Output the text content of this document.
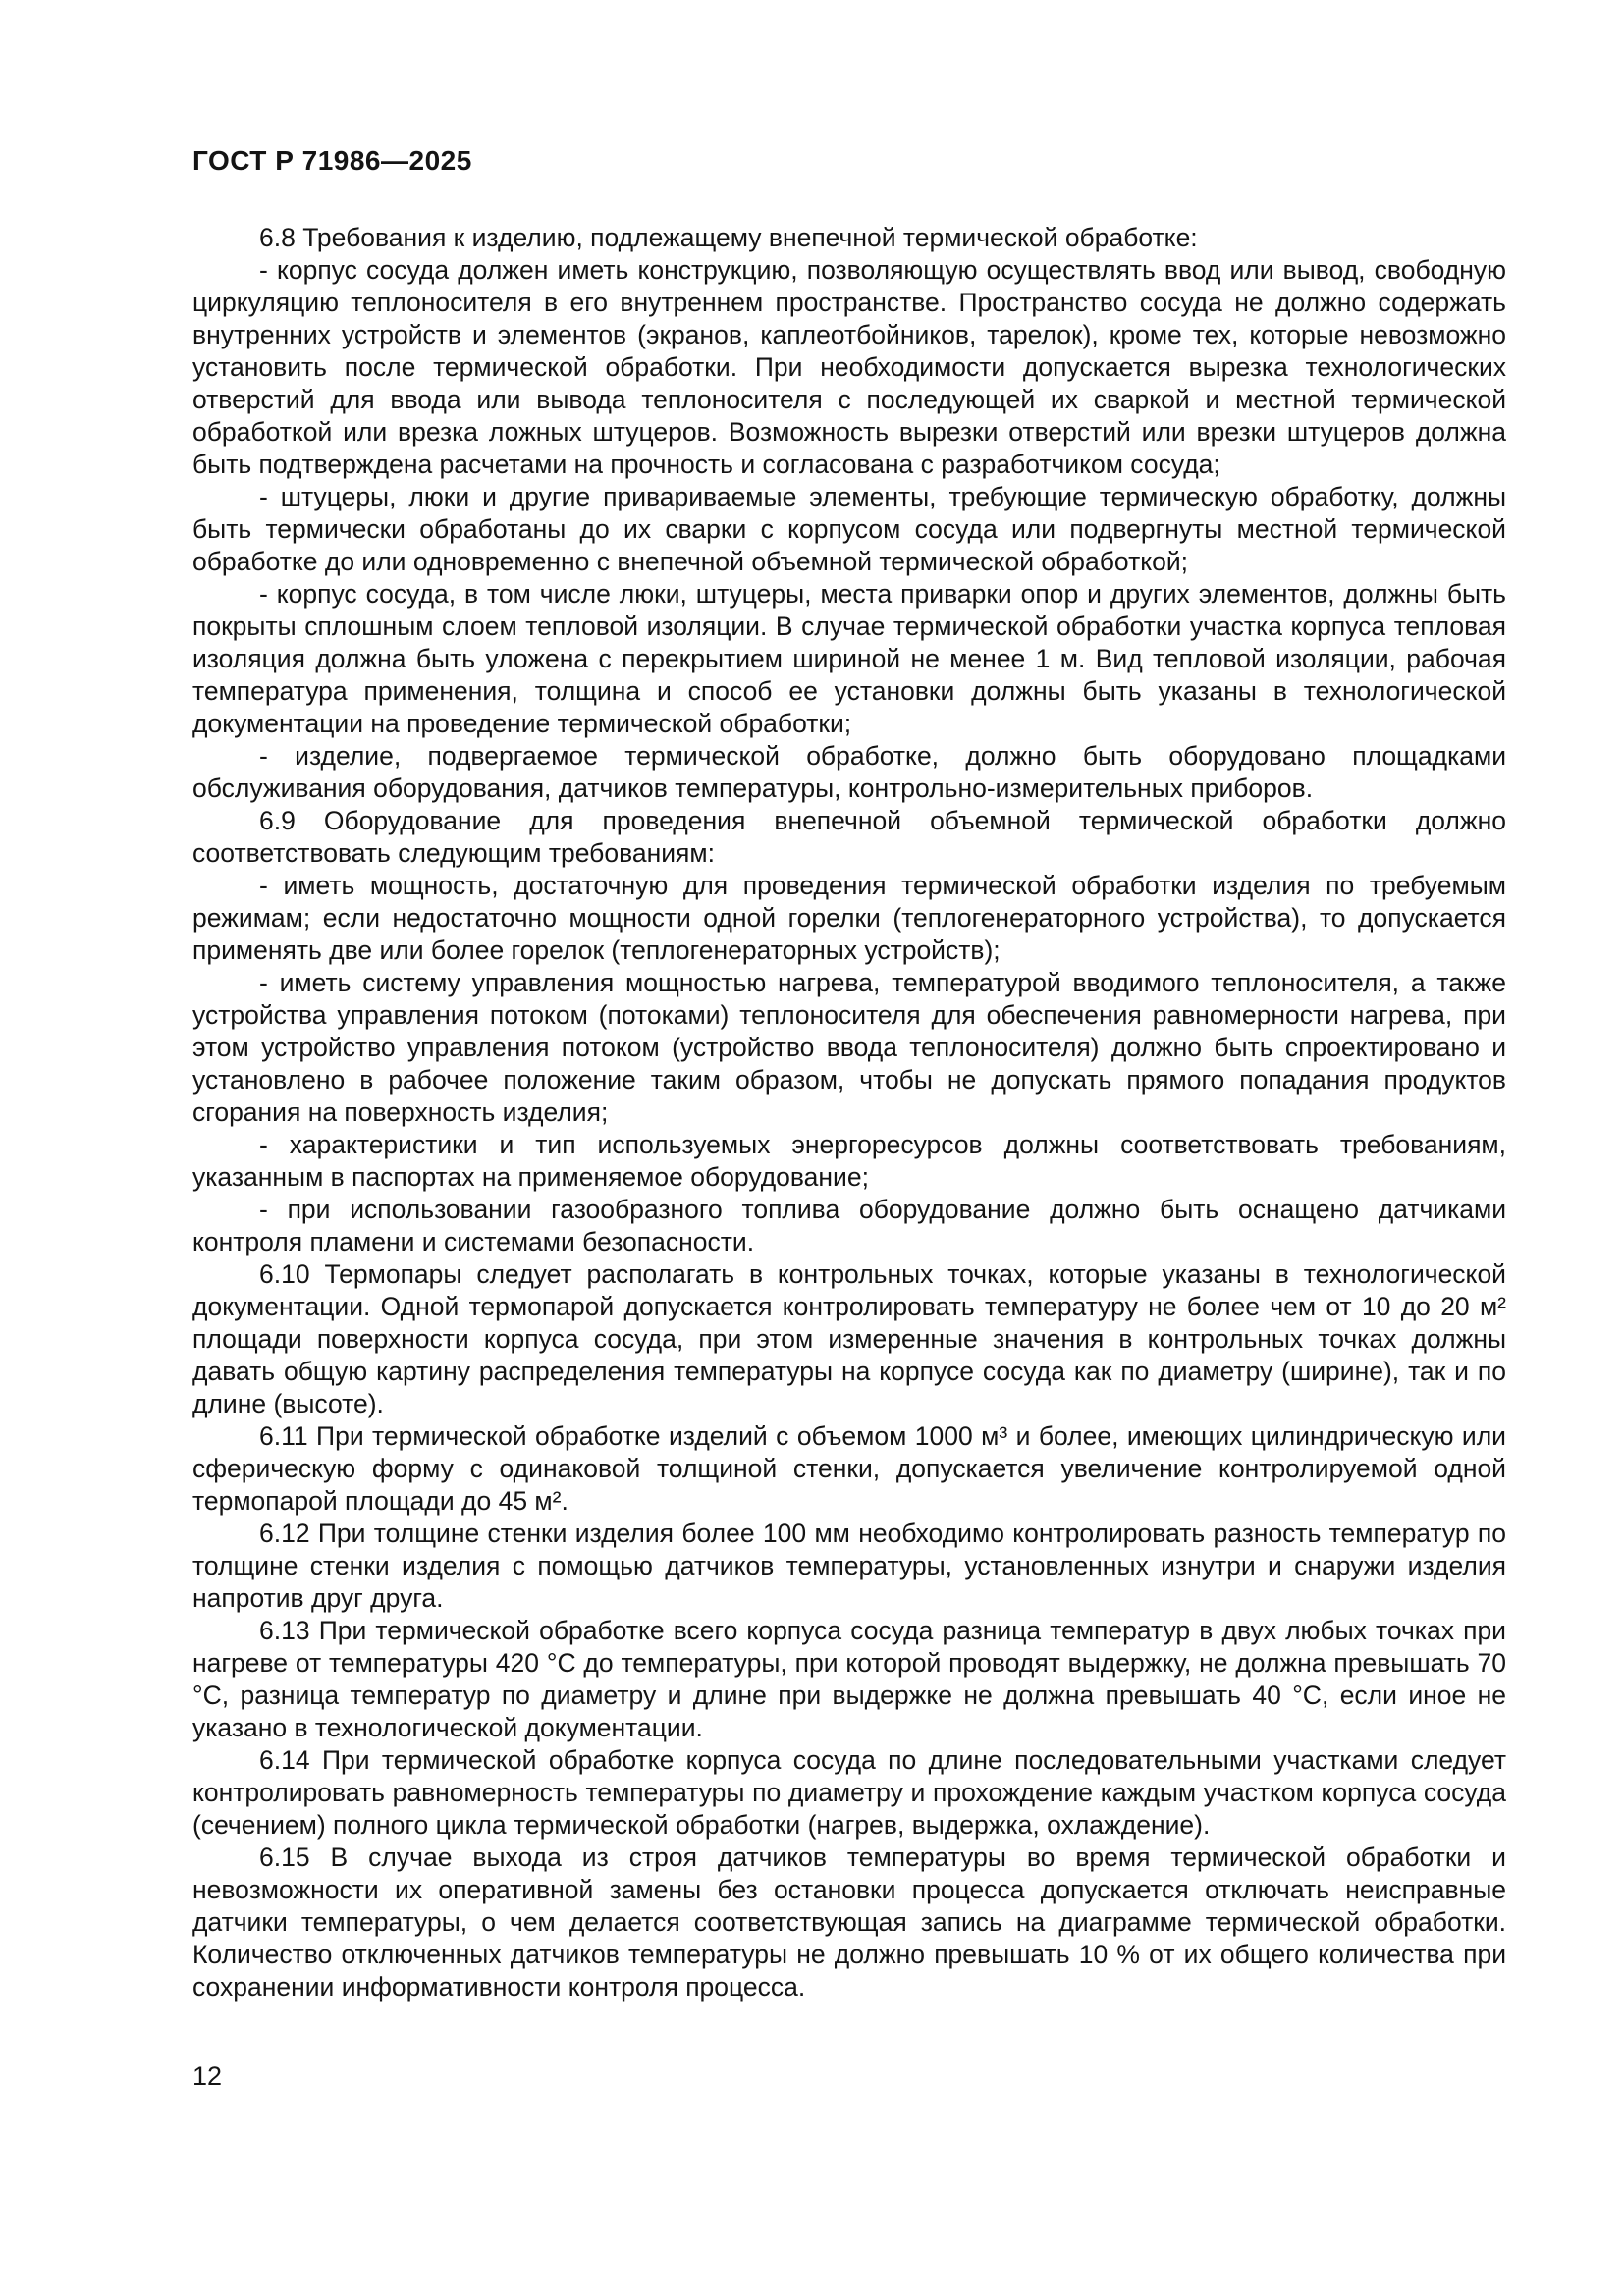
ГОСТ Р 71986—2025

6.8 Требования к изделию, подлежащему внепечной термической обработке:

- корпус сосуда должен иметь конструкцию, позволяющую осуществлять ввод или вывод, свободную циркуляцию теплоносителя в его внутреннем пространстве. Пространство сосуда не должно содержать внутренних устройств и элементов (экранов, каплеотбойников, тарелок), кроме тех, которые невозможно установить после термической обработки. При необходимости допускается вырезка технологических отверстий для ввода или вывода теплоносителя с последующей их сваркой и местной термической обработкой или врезка ложных штуцеров. Возможность вырезки отверстий или врезки штуцеров должна быть подтверждена расчетами на прочность и согласована с разработчиком сосуда;

- штуцеры, люки и другие привариваемые элементы, требующие термическую обработку, должны быть термически обработаны до их сварки с корпусом сосуда или подвергнуты местной термической обработке до или одновременно с внепечной объемной термической обработкой;

- корпус сосуда, в том числе люки, штуцеры, места приварки опор и других элементов, должны быть покрыты сплошным слоем тепловой изоляции. В случае термической обработки участка корпуса тепловая изоляция должна быть уложена с перекрытием шириной не менее 1 м. Вид тепловой изоляции, рабочая температура применения, толщина и способ ее установки должны быть указаны в технологической документации на проведение термической обработки;

- изделие, подвергаемое термической обработке, должно быть оборудовано площадками обслуживания оборудования, датчиков температуры, контрольно-измерительных приборов.

6.9 Оборудование для проведения внепечной объемной термической обработки должно соответствовать следующим требованиям:

- иметь мощность, достаточную для проведения термической обработки изделия по требуемым режимам; если недостаточно мощности одной горелки (теплогенераторного устройства), то допускается применять две или более горелок (теплогенераторных устройств);

- иметь систему управления мощностью нагрева, температурой вводимого теплоносителя, а также устройства управления потоком (потоками) теплоносителя для обеспечения равномерности нагрева, при этом устройство управления потоком (устройство ввода теплоносителя) должно быть спроектировано и установлено в рабочее положение таким образом, чтобы не допускать прямого попадания продуктов сгорания на поверхность изделия;

- характеристики и тип используемых энергоресурсов должны соответствовать требованиям, указанным в паспортах на применяемое оборудование;

- при использовании газообразного топлива оборудование должно быть оснащено датчиками контроля пламени и системами безопасности.

6.10 Термопары следует располагать в контрольных точках, которые указаны в технологической документации. Одной термопарой допускается контролировать температуру не более чем от 10 до 20 м² площади поверхности корпуса сосуда, при этом измеренные значения в контрольных точках должны давать общую картину распределения температуры на корпусе сосуда как по диаметру (ширине), так и по длине (высоте).

6.11 При термической обработке изделий с объемом 1000 м³ и более, имеющих цилиндрическую или сферическую форму с одинаковой толщиной стенки, допускается увеличение контролируемой одной термопарой площади до 45 м².

6.12 При толщине стенки изделия более 100 мм необходимо контролировать разность температур по толщине стенки изделия с помощью датчиков температуры, установленных изнутри и снаружи изделия напротив друг друга.

6.13 При термической обработке всего корпуса сосуда разница температур в двух любых точках при нагреве от температуры 420 °С до температуры, при которой проводят выдержку, не должна превышать 70 °С, разница температур по диаметру и длине при выдержке не должна превышать 40 °С, если иное не указано в технологической документации.

6.14 При термической обработке корпуса сосуда по длине последовательными участками следует контролировать равномерность температуры по диаметру и прохождение каждым участком корпуса сосуда (сечением) полного цикла термической обработки (нагрев, выдержка, охлаждение).

6.15 В случае выхода из строя датчиков температуры во время термической обработки и невозможности их оперативной замены без остановки процесса допускается отключать неисправные датчики температуры, о чем делается соответствующая запись на диаграмме термической обработки. Количество отключенных датчиков температуры не должно превышать 10 % от их общего количества при сохранении информативности контроля процесса.

12
